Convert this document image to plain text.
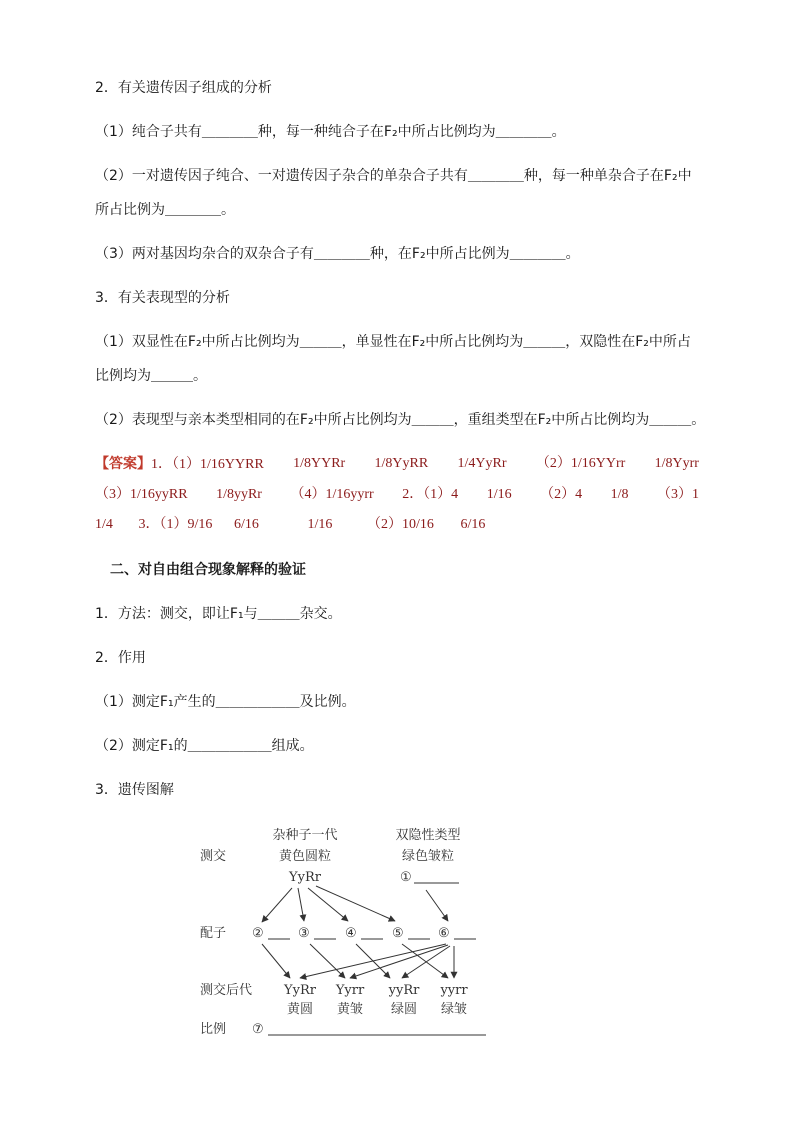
2．有关遗传因子组成的分析
（1）纯合子共有＿＿＿＿种，每一种纯合子在F₂中所占比例均为＿＿＿＿。
（2）一对遗传因子纯合、一对遗传因子杂合的单杂合子共有＿＿＿＿种，每一种单杂合子在F₂中
所占比例为＿＿＿＿。
（3）两对基因均杂合的双杂合子有＿＿＿＿种，在F₂中所占比例为＿＿＿＿。
3．有关表现型的分析
（1）双显性在F₂中所占比例均为＿＿＿，单显性在F₂中所占比例均为＿＿＿，双隐性在F₂中所占
比例均为＿＿＿。
（2）表现型与亲本类型相同的在F₂中所占比例均为＿＿＿，重组类型在F₂中所占比例均为＿＿＿。
【答案】1．（1）1/16YYRR 1/8YYRr 1/8YyRR 1/4YyRr （2）1/16YYrr 1/8Yyrr
（3）1/16yyRR 1/8yyRr （4）1/16yyrr 2．（1）4 1/16 （2）4 1/8 （3）1
1/4 3．（1）9/16 6/16	1/16 （2）10/16 6/16
二、对自由组合现象解释的验证
1．方法：测交，即让F₁与＿＿＿杂交。
2．作用
（1）测定F₁产生的＿＿＿＿＿＿及比例。
（2）测定F₁的＿＿＿＿＿＿组成。
3．遗传图解
测交
配子
测交后代
比例
杂种子一代
黄色圆粒
YyRr
双隐性类型
绿色皱粒
①
②	③	④	⑤	⑥
YyRr
黄圆
Yyrr
黄皱
yyRr
绿圆
yyrr
绿皱
⑦
